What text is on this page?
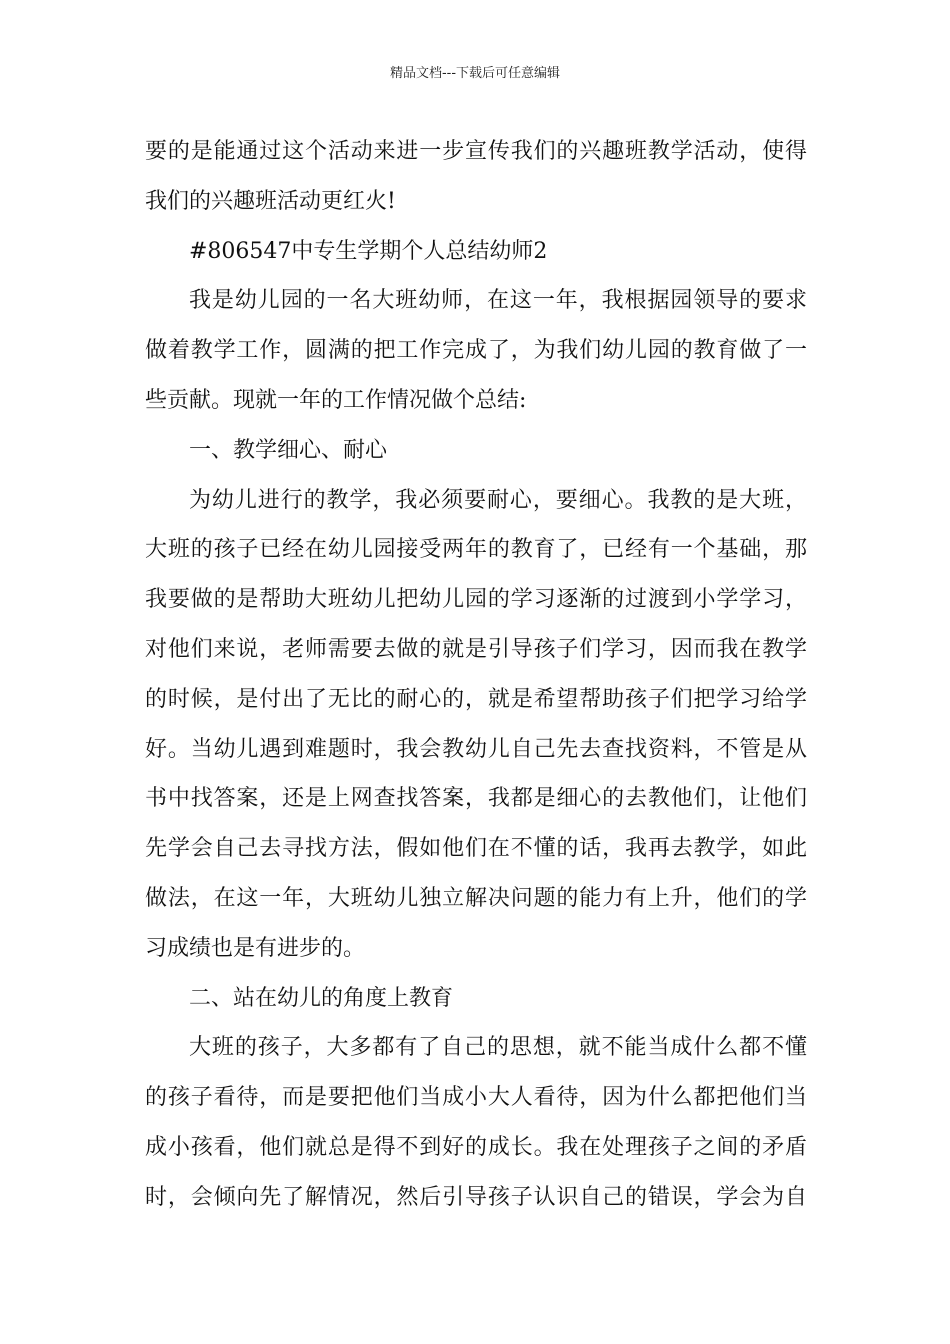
精品文档---下载后可任意编辑
要的是能通过这个活动来进一步宣传我们的兴趣班教学活动，使得
我们的兴趣班活动更红火!
#806547中专生学期个人总结幼师2
我是幼儿园的一名大班幼师，在这一年，我根据园领导的要求
做着教学工作，圆满的把工作完成了，为我们幼儿园的教育做了一
些贡献。现就一年的工作情况做个总结:
一、教学细心、耐心
为幼儿进行的教学，我必须要耐心，要细心。我教的是大班，
大班的孩子已经在幼儿园接受两年的教育了，已经有一个基础，那
我要做的是帮助大班幼儿把幼儿园的学习逐渐的过渡到小学学习，
对他们来说，老师需要去做的就是引导孩子们学习，因而我在教学
的时候，是付出了无比的耐心的，就是希望帮助孩子们把学习给学
好。当幼儿遇到难题时，我会教幼儿自己先去查找资料，不管是从
书中找答案，还是上网查找答案，我都是细心的去教他们，让他们
先学会自己去寻找方法，假如他们在不懂的话，我再去教学，如此
做法，在这一年，大班幼儿独立解决问题的能力有上升，他们的学
习成绩也是有进步的。
二、站在幼儿的角度上教育
大班的孩子，大多都有了自己的思想，就不能当成什么都不懂
的孩子看待，而是要把他们当成小大人看待，因为什么都把他们当
成小孩看，他们就总是得不到好的成长。我在处理孩子之间的矛盾
时，会倾向先了解情况，然后引导孩子认识自己的错误，学会为自
